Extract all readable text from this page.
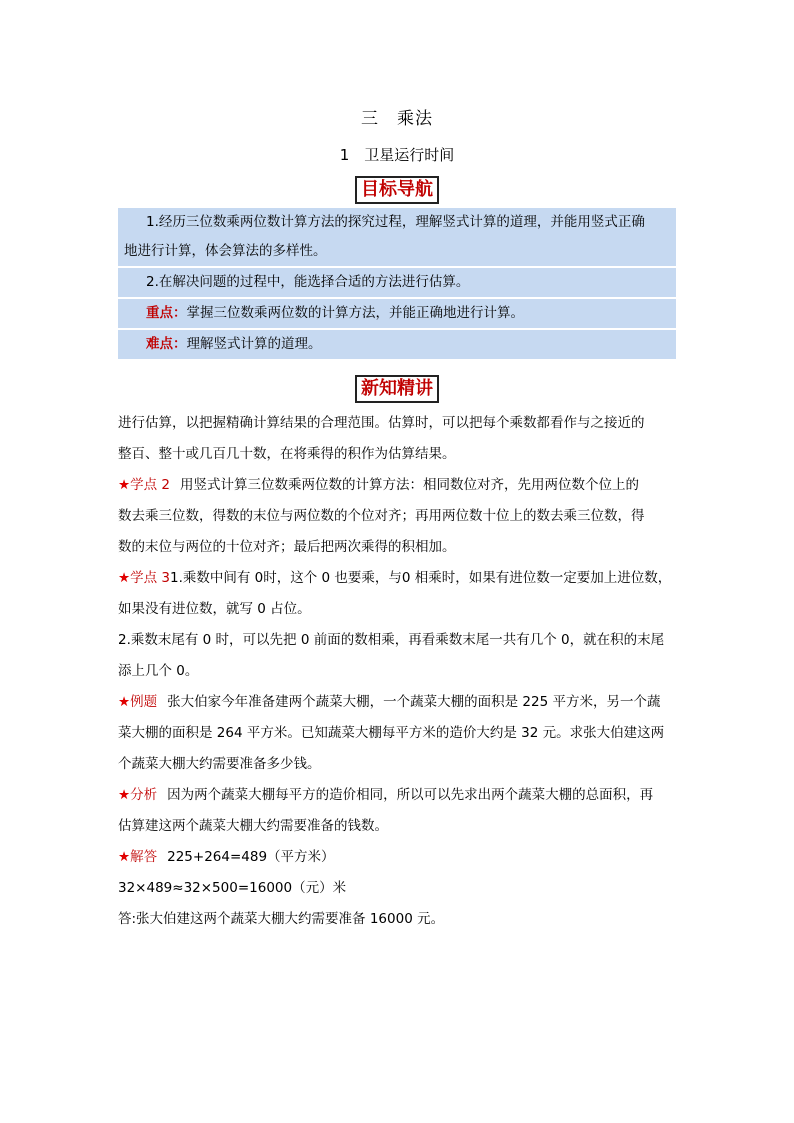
三　乘法
1　卫星运行时间
目标导航
1.经历三位数乘两位数计算方法的探究过程，理解竖式计算的道理，并能用竖式正确
地进行计算，体会算法的多样性。
2.在解决问题的过程中，能选择合适的方法进行估算。
重点：掌握三位数乘两位数的计算方法，并能正确地进行计算。
难点：理解竖式计算的道理。
新知精讲

进行估算，以把握精确计算结果的合理范围。估算时，可以把每个乘数都看作与之接近的

整百、整十或几百几十数，在将乘得的积作为估算结果。

★学点 2 用竖式计算三位数乘两位数的计算方法：相同数位对齐，先用两位数个位上的

数去乘三位数，得数的末位与两位数的个位对齐；再用两位数十位上的数去乘三位数，得

数的末位与两位的十位对齐；最后把两次乘得的积相加。

★学点 31.乘数中间有 0时，这个 0 也要乘，与0 相乘时，如果有进位数一定要加上进位数，

如果没有进位数，就写 0 占位。

2.乘数末尾有 0 时，可以先把 0 前面的数相乘，再看乘数末尾一共有几个 0，就在积的末尾

添上几个 0。

★例题 张大伯家今年准备建两个蔬菜大棚，一个蔬菜大棚的面积是 225 平方米，另一个蔬

菜大棚的面积是 264 平方米。已知蔬菜大棚每平方米的造价大约是 32 元。求张大伯建这两

个蔬菜大棚大约需要准备多少钱。

★分析 因为两个蔬菜大棚每平方的造价相同，所以可以先求出两个蔬菜大棚的总面积，再

估算建这两个蔬菜大棚大约需要准备的钱数。

★解答 225+264=489（平方米）

32×489≈32×500=16000（元）米

答:张大伯建这两个蔬菜大棚大约需要准备 16000 元。
